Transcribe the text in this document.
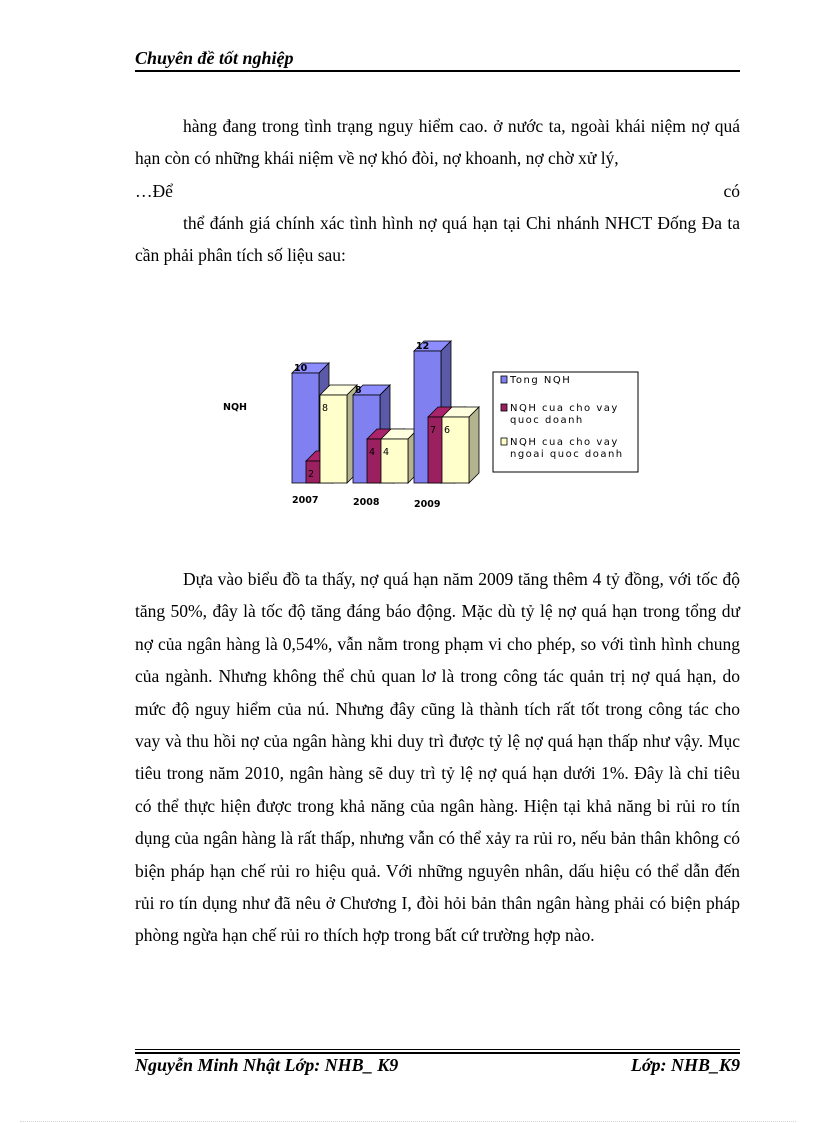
Chuyên đề tốt nghiệp

hàng đang trong tình trạng nguy hiểm cao. ở nước ta, ngoài khái niệm nợ quá hạn còn có những khái niệm về nợ khó đòi, nợ khoanh, nợ chờ xử lý,

…Để	có

thể đánh giá chính xác tình hình nợ quá hạn tại Chi nhánh NHCT Đống Đa ta cần phải phân tích số liệu sau:

10
2
8
8
4 4
12
7 6
2007	2008	2009
NQH
Tong NQH
NQH cua cho vay
quoc doanh
NQH cua cho vay
ngoai quoc doanh

Dựa vào biểu đồ ta thấy, nợ quá hạn năm 2009 tăng thêm 4 tỷ đồng, với tốc độ tăng 50%, đây là tốc độ tăng đáng báo động. Mặc dù tỷ lệ nợ quá hạn trong tổng dư nợ của ngân hàng là 0,54%, vẫn nằm trong phạm vi cho phép, so với tình hình chung của ngành. Nhưng không thể chủ quan lơ là trong công tác quản trị nợ quá hạn, do mức độ nguy hiểm của nú. Nhưng đây cũng là thành tích rất tốt trong công tác cho vay và thu hồi nợ của ngân hàng khi duy trì được tỷ lệ nợ quá hạn thấp như vậy. Mục tiêu trong năm 2010, ngân hàng sẽ duy trì tỷ lệ nợ quá hạn dưới 1%. Đây là chỉ tiêu có thể thực hiện được trong khả năng của ngân hàng. Hiện tại khả năng bi rủi ro tín dụng của ngân hàng là rất thấp, nhưng vẫn có thể xảy ra rủi ro, nếu bản thân không có biện pháp hạn chế rủi ro hiệu quả. Với những nguyên nhân, dấu hiệu có thể dẫn đến rủi ro tín dụng như đã nêu ở Chương I, đòi hỏi bản thân ngân hàng phải có biện pháp phòng ngừa hạn chế rủi ro thích hợp trong bất cứ trường hợp nào.

Nguyễn Minh Nhật Lớp: NHB_ K9	Lớp: NHB_K9
